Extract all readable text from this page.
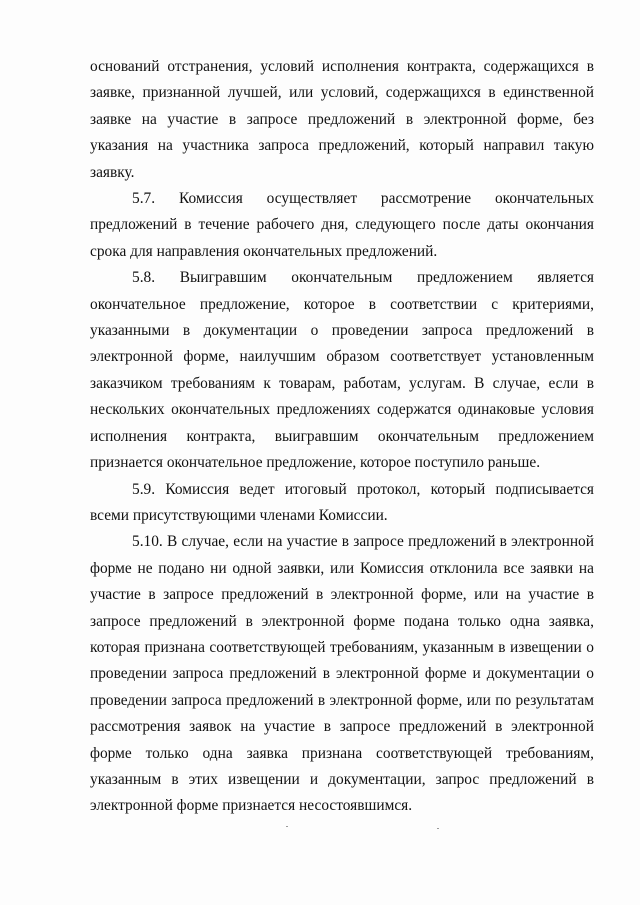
оснований отстранения, условий исполнения контракта, содержащихся в заявке, признанной лучшей, или условий, содержащихся в единственной заявке на участие в запросе предложений в электронной форме, без указания на участника запроса предложений, который направил такую заявку.

5.7. Комиссия осуществляет рассмотрение окончательных предложений в течение рабочего дня, следующего после даты окончания срока для направления окончательных предложений.

5.8. Выигравшим окончательным предложением является окончательное предложение, которое в соответствии с критериями, указанными в документации о проведении запроса предложений в электронной форме, наилучшим образом соответствует установленным заказчиком требованиям к товарам, работам, услугам. В случае, если в нескольких окончательных предложениях содержатся одинаковые условия исполнения контракта, выигравшим окончательным предложением признается окончательное предложение, которое поступило раньше.

5.9. Комиссия ведет итоговый протокол, который подписывается всеми присутствующими членами Комиссии.

5.10. В случае, если на участие в запросе предложений в электронной форме не подано ни одной заявки, или Комиссия отклонила все заявки на участие в запросе предложений в электронной форме, или на участие в запросе предложений в электронной форме подана только одна заявка, которая признана соответствующей требованиям, указанным в извещении о проведении запроса предложений в электронной форме и документации о проведении запроса предложений в электронной форме, или по результатам рассмотрения заявок на участие в запросе предложений в электронной форме только одна заявка признана соответствующей требованиям, указанным в этих извещении и документации, запрос предложений в электронной форме признается несостоявшимся.
